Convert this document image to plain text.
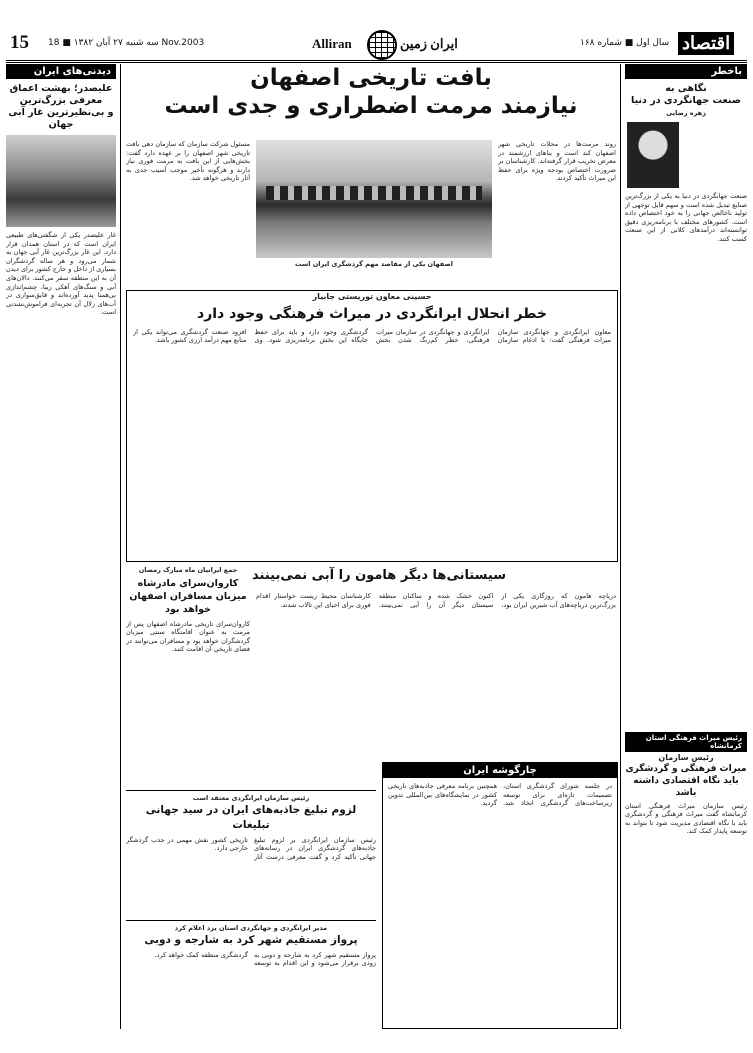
15 سه شنبه ۲۷ آبان ۱۳۸۲ ■ 18 Nov.2003	Alliran	ایران زمین	سال اول ■ شماره ۱۶۸ اقتصاد
دیدنی‌های ایران
علیصدر؛ بهشت اعماق
معرفی بزرگ‌ترین
و بی‌نظیرترین غار آبی جهان
غار علیصدر یکی از شگفتی‌های طبیعی ایران است که در استان همدان قرار دارد. این غار بزرگ‌ترین غار آبی جهان به شمار می‌رود و هر ساله گردشگران بسیاری از داخل و خارج کشور برای دیدن آن به این منطقه سفر می‌کنند. دالان‌های آبی و سنگ‌های آهکی زیبا، چشم‌اندازی بی‌همتا پدید آورده‌اند و قایق‌سواری در آب‌های زلال آن تجربه‌ای فراموش‌نشدنی است.
بافت تاریخی اصفهان
نیازمند مرمت اضطراری و جدی است
مسئول شرکت سازمان که سازمان دهی بافت تاریخی شهر اصفهان را بر عهده دارد گفت: بخش‌هایی از این بافت به مرمت فوری نیاز دارند و هرگونه تأخیر موجب آسیب جدی به آثار تاریخی خواهد شد.
اصفهان یکی از مقاصد مهم گردشگری ایران است
روند مرمت‌ها در محلات تاریخی شهر اصفهان کند است و بناهای ارزشمند در معرض تخریب قرار گرفته‌اند. کارشناسان بر ضرورت اختصاص بودجه ویژه برای حفظ این میراث تأکید کردند.
حسینی معاون توریستی جابیار
خطر انحلال ایرانگردی در میراث فرهنگی وجود دارد
معاون ایرانگردی و جهانگردی سازمان میراث فرهنگی گفت: با ادغام سازمان ایرانگردی و جهانگردی در سازمان میراث فرهنگی، خطر کم‌رنگ شدن بخش گردشگری وجود دارد و باید برای حفظ جایگاه این بخش برنامه‌ریزی شود. وی افزود صنعت گردشگری می‌تواند یکی از منابع مهم درآمد ارزی کشور باشد.
سیستانی‌ها دیگر هامون را آبی نمی‌بینند
دریاچه هامون که روزگاری یکی از بزرگ‌ترین دریاچه‌های آب شیرین ایران بود، اکنون خشک شده و ساکنان منطقه سیستان دیگر آن را آبی نمی‌بینند. کارشناسان محیط زیست خواستار اقدام فوری برای احیای این تالاب شدند.
جمع ایرانیان ماه مبارک رمضان
کاروان‌سرای مادرشاه
میزبان مسافران اصفهان خواهد بود
کاروان‌سرای تاریخی مادرشاه اصفهان پس از مرمت به عنوان اقامتگاه سنتی میزبان گردشگران خواهد بود و مسافران می‌توانند در فضای تاریخی آن اقامت کنند.
رئیس سازمان ایرانگردی معتقد است
لزوم تبلیغ جاذبه‌های ایران در سید جهانی تبلیغات
رئیس سازمان ایرانگردی بر لزوم تبلیغ جاذبه‌های گردشگری ایران در رسانه‌های جهانی تأکید کرد و گفت معرفی درست آثار تاریخی کشور نقش مهمی در جذب گردشگر خارجی دارد.
مدیر ایرانگردی و جهانگردی استان یزد اعلام کرد
پرواز مستقیم شهر کرد به شارجه و دوبی
پرواز مستقیم شهر کرد به شارجه و دوبی به زودی برقرار می‌شود و این اقدام به توسعه گردشگری منطقه کمک خواهد کرد.
چارگوشه ایران
در جلسه شورای گردشگری استان، تصمیمات تازه‌ای برای توسعه زیرساخت‌های گردشگری اتخاذ شد. همچنین برنامه معرفی جاذبه‌های تاریخی کشور در نمایشگاه‌های بین‌المللی تدوین گردید.
باخطر
نگاهی به
صنعت جهانگردی در دنیا
زهره رضایی
صنعت جهانگردی در دنیا به یکی از بزرگ‌ترین صنایع تبدیل شده است و سهم قابل توجهی از تولید ناخالص جهانی را به خود اختصاص داده است. کشورهای مختلف با برنامه‌ریزی دقیق توانسته‌اند درآمدهای کلانی از این صنعت کسب کنند.
رئیس میراث فرهنگی استان کرمانشاه
رئیس سازمان
میراث فرهنگی و گردشگری
باید نگاه اقتصادی داشته باشد
رئیس سازمان میراث فرهنگی استان کرمانشاه گفت میراث فرهنگی و گردشگری باید با نگاه اقتصادی مدیریت شود تا بتواند به توسعه پایدار کمک کند.
